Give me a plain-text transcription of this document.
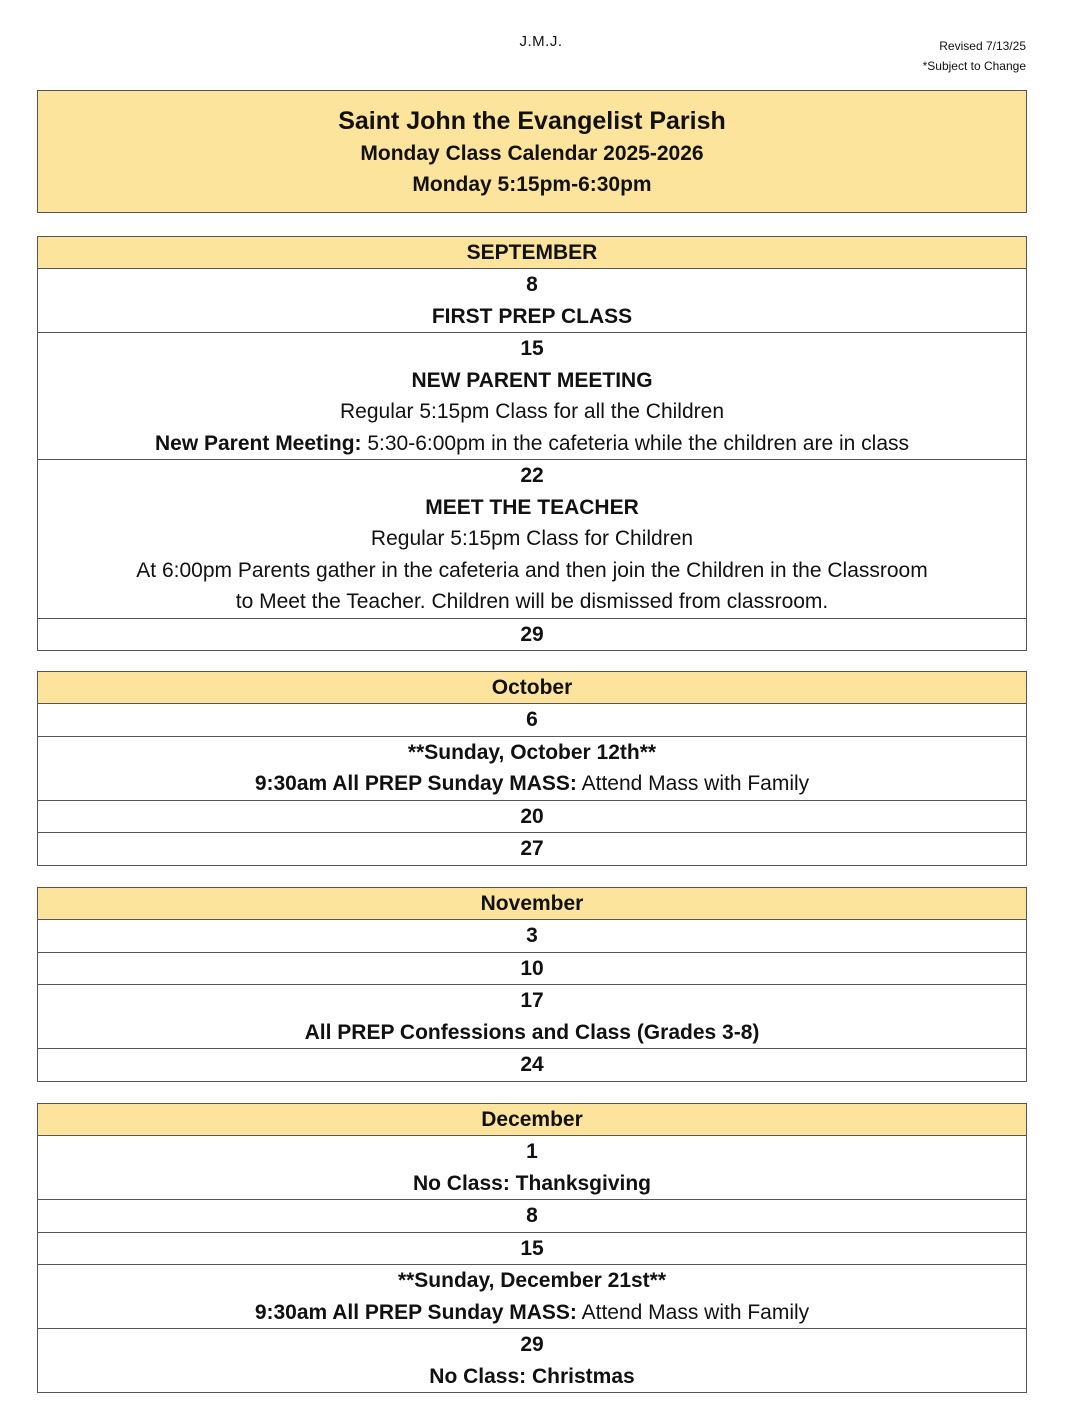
J.M.J.	Revised 7/13/25
*Subject to Change
Saint John the Evangelist Parish
Monday Class Calendar 2025-2026
Monday 5:15pm-6:30pm
SEPTEMBER
8
FIRST PREP CLASS
15
NEW PARENT MEETING
Regular 5:15pm Class for all the Children
New Parent Meeting: 5:30-6:00pm in the cafeteria while the children are in class
22
MEET THE TEACHER
Regular 5:15pm Class for Children
At 6:00pm Parents gather in the cafeteria and then join the Children in the Classroom
to Meet the Teacher. Children will be dismissed from classroom.
29
October
6
**Sunday, October 12th**
9:30am All PREP Sunday MASS: Attend Mass with Family
20
27
November
3
10
17
All PREP Confessions and Class (Grades 3-8)
24
December
1
No Class: Thanksgiving
8
15
**Sunday, December 21st**
9:30am All PREP Sunday MASS: Attend Mass with Family
29
No Class: Christmas
